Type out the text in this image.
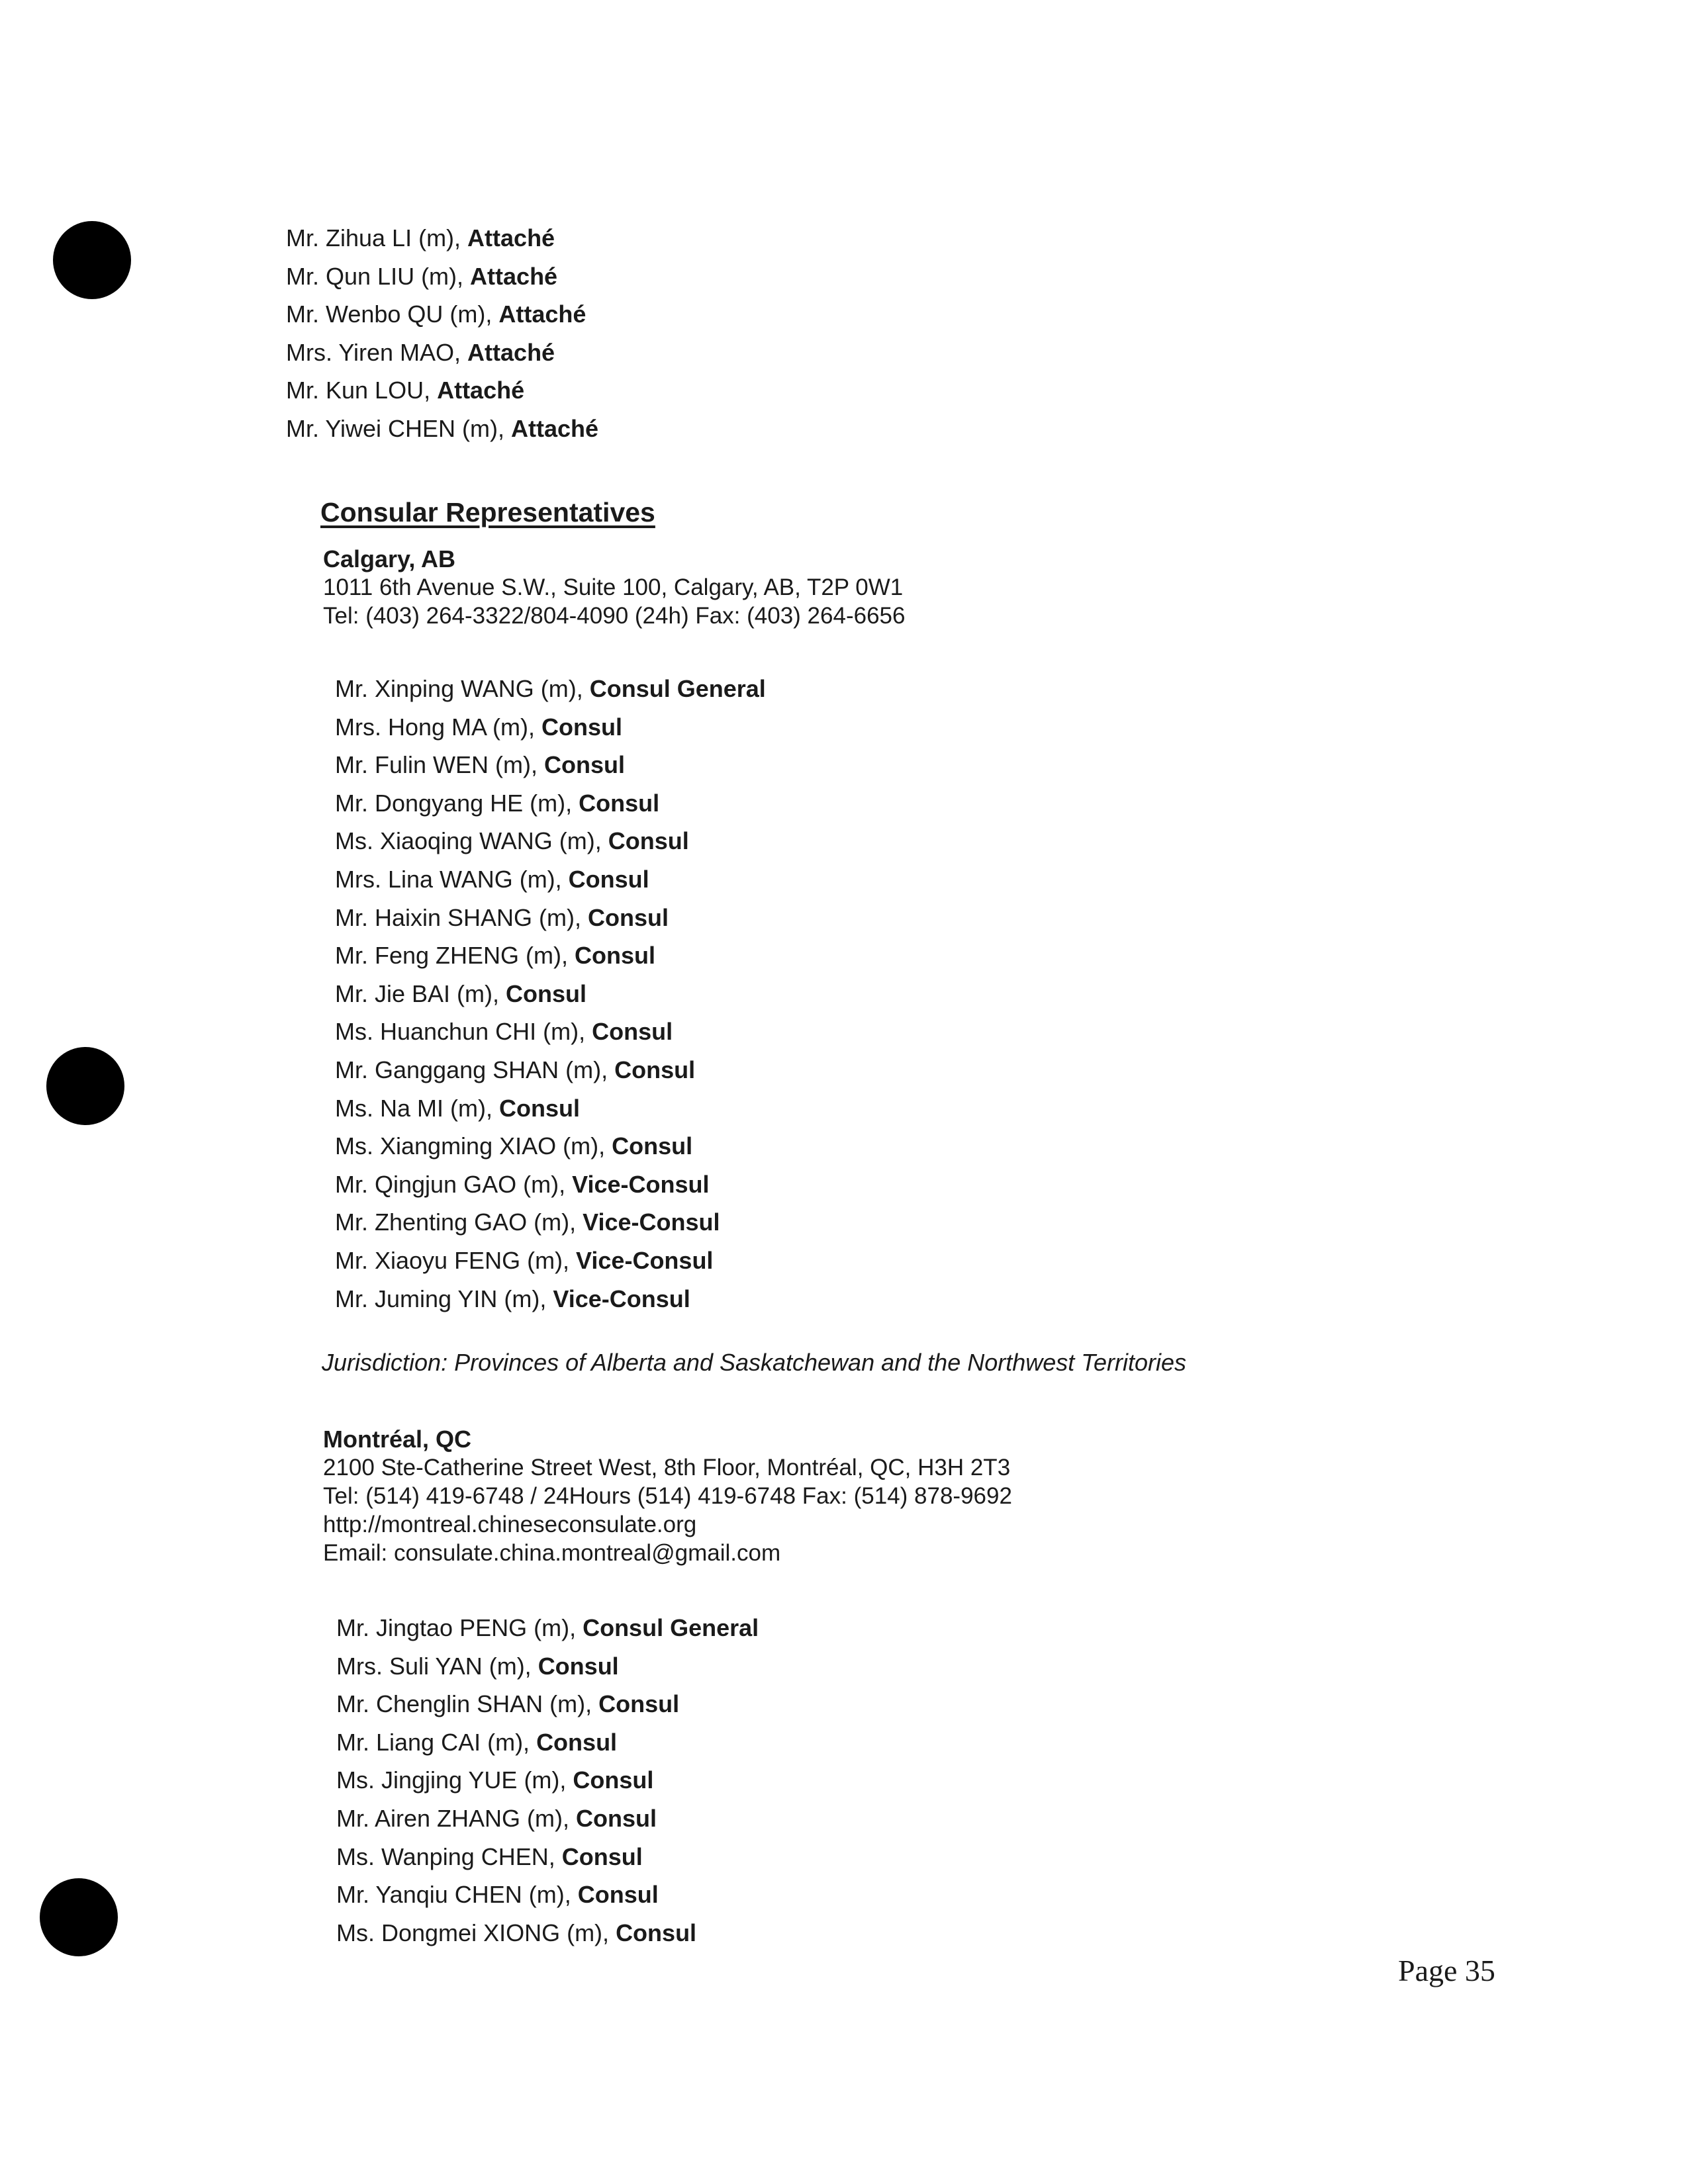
Mr. Zihua LI (m), Attaché
Mr. Qun LIU (m), Attaché
Mr. Wenbo QU (m), Attaché
Mrs. Yiren MAO, Attaché
Mr. Kun LOU, Attaché
Mr. Yiwei CHEN (m), Attaché
Consular Representatives
Calgary, AB
1011 6th Avenue S.W., Suite 100, Calgary, AB, T2P 0W1
Tel: (403) 264-3322/804-4090 (24h) Fax: (403) 264-6656
Mr. Xinping WANG (m), Consul General
Mrs. Hong MA (m), Consul
Mr. Fulin WEN (m), Consul
Mr. Dongyang HE (m), Consul
Ms. Xiaoqing WANG (m), Consul
Mrs. Lina WANG (m), Consul
Mr. Haixin SHANG (m), Consul
Mr. Feng ZHENG (m), Consul
Mr. Jie BAI (m), Consul
Ms. Huanchun CHI (m), Consul
Mr. Ganggang SHAN (m), Consul
Ms. Na MI (m), Consul
Ms. Xiangming XIAO (m), Consul
Mr. Qingjun GAO (m), Vice-Consul
Mr. Zhenting GAO (m), Vice-Consul
Mr. Xiaoyu FENG (m), Vice-Consul
Mr. Juming YIN (m), Vice-Consul
Jurisdiction: Provinces of Alberta and Saskatchewan and the Northwest Territories
Montréal, QC
2100 Ste-Catherine Street West, 8th Floor, Montréal, QC, H3H 2T3
Tel: (514) 419-6748 / 24Hours (514) 419-6748 Fax: (514) 878-9692
http://montreal.chineseconsulate.org
Email: consulate.china.montreal@gmail.com
Mr. Jingtao PENG (m), Consul General
Mrs. Suli YAN (m), Consul
Mr. Chenglin SHAN (m), Consul
Mr. Liang CAI (m), Consul
Ms. Jingjing YUE (m), Consul
Mr. Airen ZHANG (m), Consul
Ms. Wanping CHEN, Consul
Mr. Yanqiu CHEN (m), Consul
Ms. Dongmei XIONG (m), Consul
Page 35
